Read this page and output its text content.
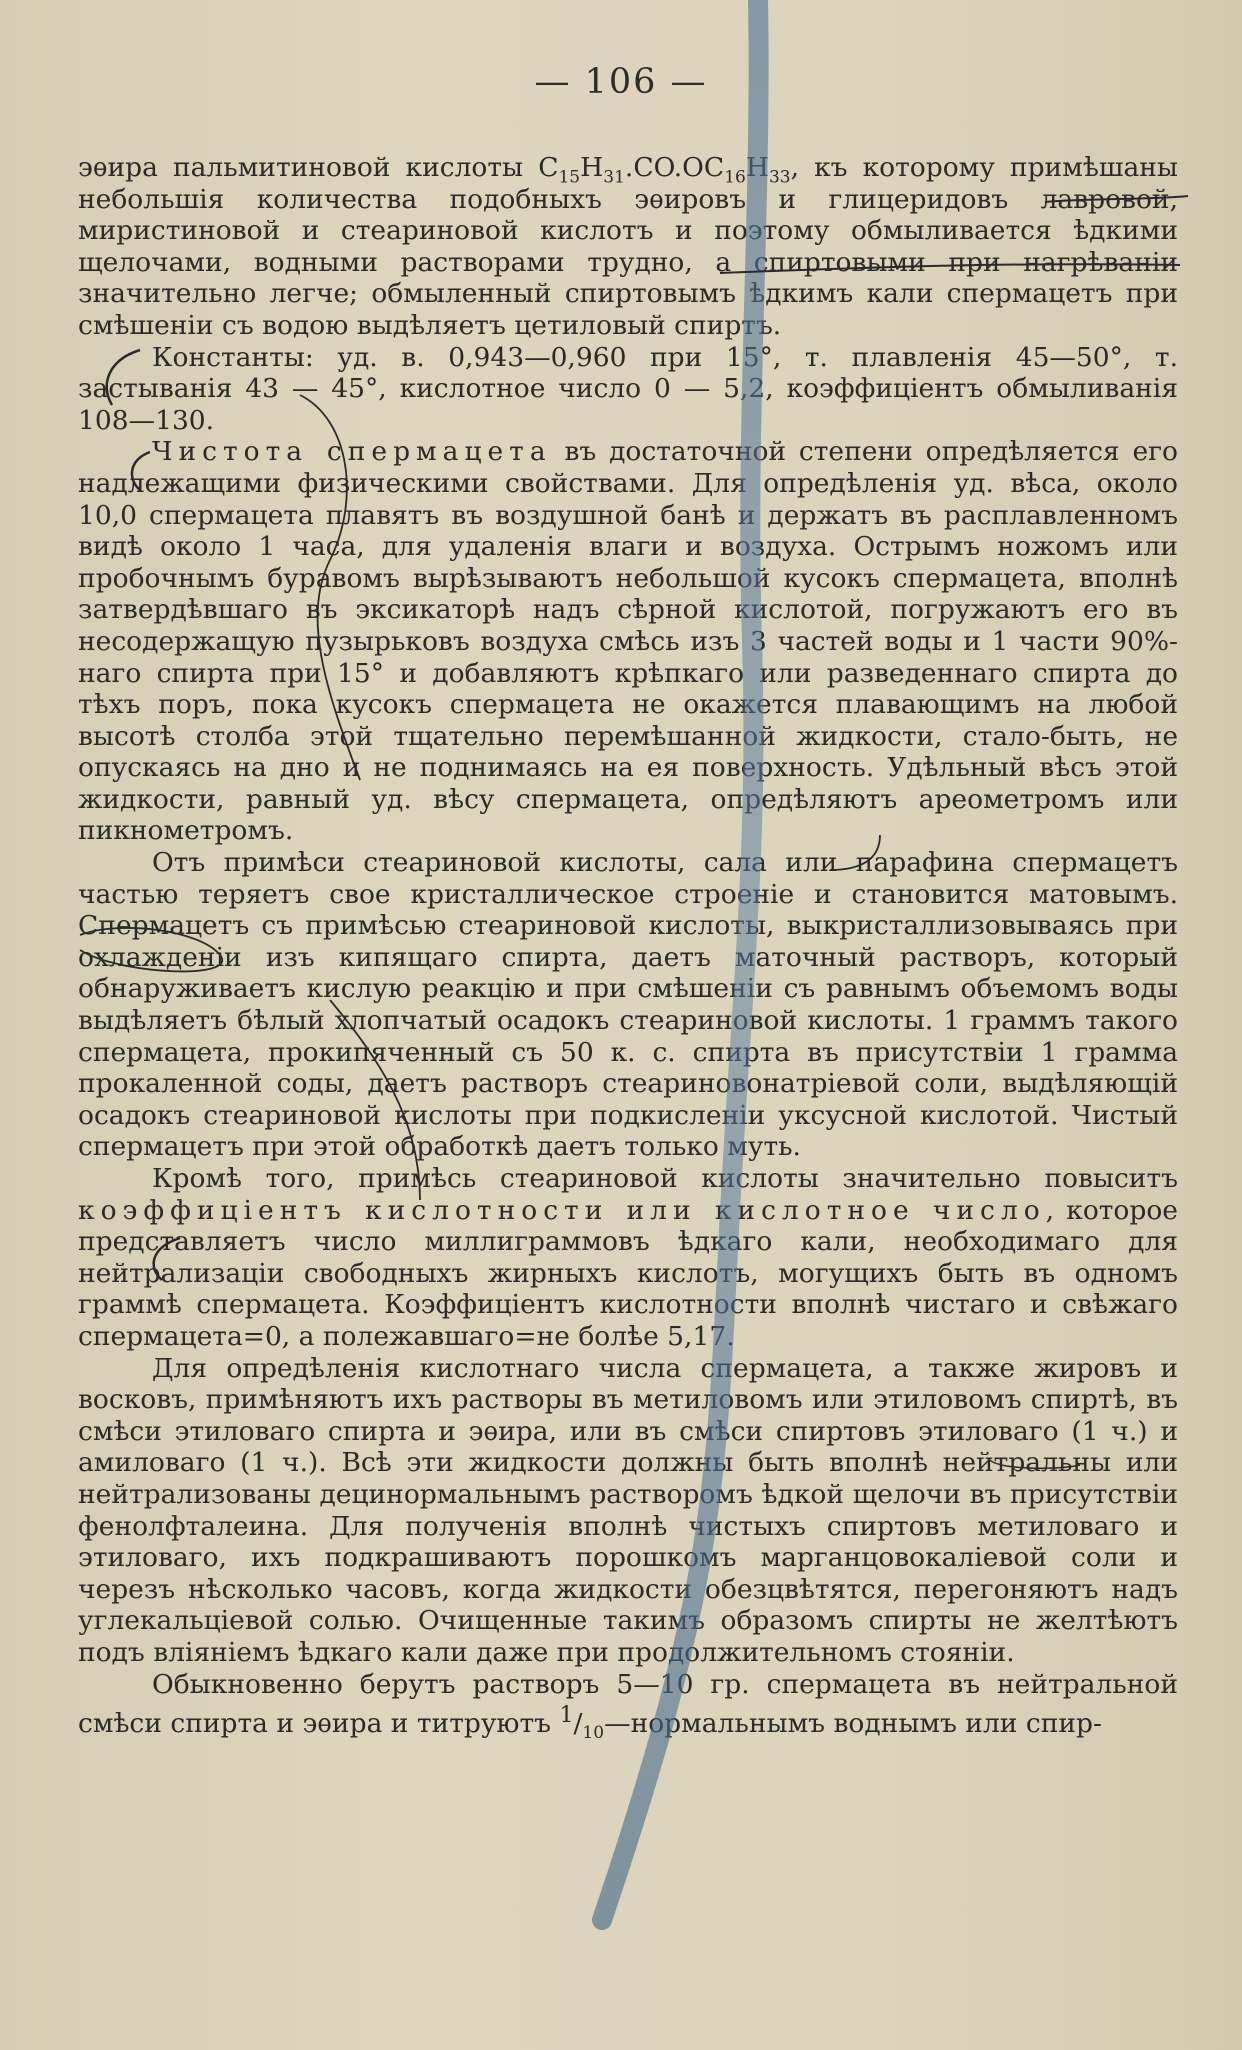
— 106 —

эѳира пальмитиновой кислоты $C_{15}H_{31}.CO.OC_{16}H_{33}$, къ которому примѣшаны небольшія количества подобныхъ эѳировъ и глицеридовъ лавровой, миристиновой и стеариновой кислотъ и поэтому обмыливается ѣдкими щелочами, водными растворами трудно, а спиртовыми при нагрѣваніи значительно легче; обмыленный спиртовымъ ѣдкимъ кали спермацетъ при смѣшеніи съ водою выдѣляетъ цетиловый спиртъ.

Константы: уд. в. 0,943—0,960 при 15°, т. плавленія 45—50°, т. застыванія 43 — 45°, кислотное число 0 — 5,2, коэффиціентъ обмыливанія 108—130.

Чистота спермацета въ достаточной степени опредѣляется его надлежащими физическими свойствами. Для опредѣленія уд. вѣса, около 10,0 спермацета плавятъ въ воздушной банѣ и держатъ въ расплавленномъ видѣ около 1 часа, для удаленія влаги и воздуха. Острымъ ножомъ или пробочнымъ буравомъ вырѣзываютъ небольшой кусокъ спермацета, вполнѣ затвердѣвшаго въ эксикаторѣ надъ сѣрной кислотой, погружаютъ его въ несодержащую пузырьковъ воздуха смѣсь изъ 3 частей воды и 1 части 90%-наго спирта при 15° и добавляютъ крѣпкаго или разведеннаго спирта до тѣхъ поръ, пока кусокъ спермацета не окажется плавающимъ на любой высотѣ столба этой тщательно перемѣшанной жидкости, стало-быть, не опускаясь на дно и не поднимаясь на ея поверхность. Удѣльный вѣсъ этой жидкости, равный уд. вѣсу спермацета, опредѣляютъ ареометромъ или пикнометромъ.

Отъ примѣси стеариновой кислоты, сала или парафина спермацетъ частью теряетъ свое кристаллическое строеніе и становится матовымъ. Спермацетъ съ примѣсью стеариновой кислоты, выкристаллизовываясь при охлажденіи изъ кипящаго спирта, даетъ маточный растворъ, который обнаруживаетъ кислую реакцію и при смѣшеніи съ равнымъ объемомъ воды выдѣляетъ бѣлый хлопчатый осадокъ стеариновой кислоты. 1 граммъ такого спермацета, прокипяченный съ 50 к. с. спирта въ присутствіи 1 грамма прокаленной соды, даетъ растворъ стеариновонатріевой соли, выдѣляющій осадокъ стеариновой кислоты при подкисленіи уксусной кислотой. Чистый спермацетъ при этой обработкѣ даетъ только муть.

Кромѣ того, примѣсь стеариновой кислоты значительно повыситъ коэффиціентъ кислотности или кислотное число, которое представляетъ число миллиграммовъ ѣдкаго кали, необходимаго для нейтрализаціи свободныхъ жирныхъ кислотъ, могущихъ быть въ одномъ граммѣ спермацета. Коэффиціентъ кислотности вполнѣ чистаго и свѣжаго спермацета=0, а полежавшаго=не болѣе 5,17.

Для опредѣленія кислотнаго числа спермацета, а также жировъ и восковъ, примѣняютъ ихъ растворы въ метиловомъ или этиловомъ спиртѣ, въ смѣси этиловаго спирта и эѳира, или въ смѣси спиртовъ этиловаго (1 ч.) и амиловаго (1 ч.). Всѣ эти жидкости должны быть вполнѣ нейтральны или нейтрализованы децинормальнымъ растворомъ ѣдкой щелочи въ присутствіи фенолфталеина. Для полученія вполнѣ чистыхъ спиртовъ метиловаго и этиловаго, ихъ подкрашиваютъ порошкомъ марганцовокаліевой соли и черезъ нѣсколько часовъ, когда жидкости обезцвѣтятся, перегоняютъ надъ углекальціевой солью. Очищенные такимъ образомъ спирты не желтѣютъ подъ вліяніемъ ѣдкаго кали даже при продолжительномъ стояніи.

Обыкновенно берутъ растворъ 5—10 гр. спермацета въ нейтральной смѣси спирта и эѳира и титруютъ $^1/_{10}—нормальнымъ$ воднымъ или спир-
